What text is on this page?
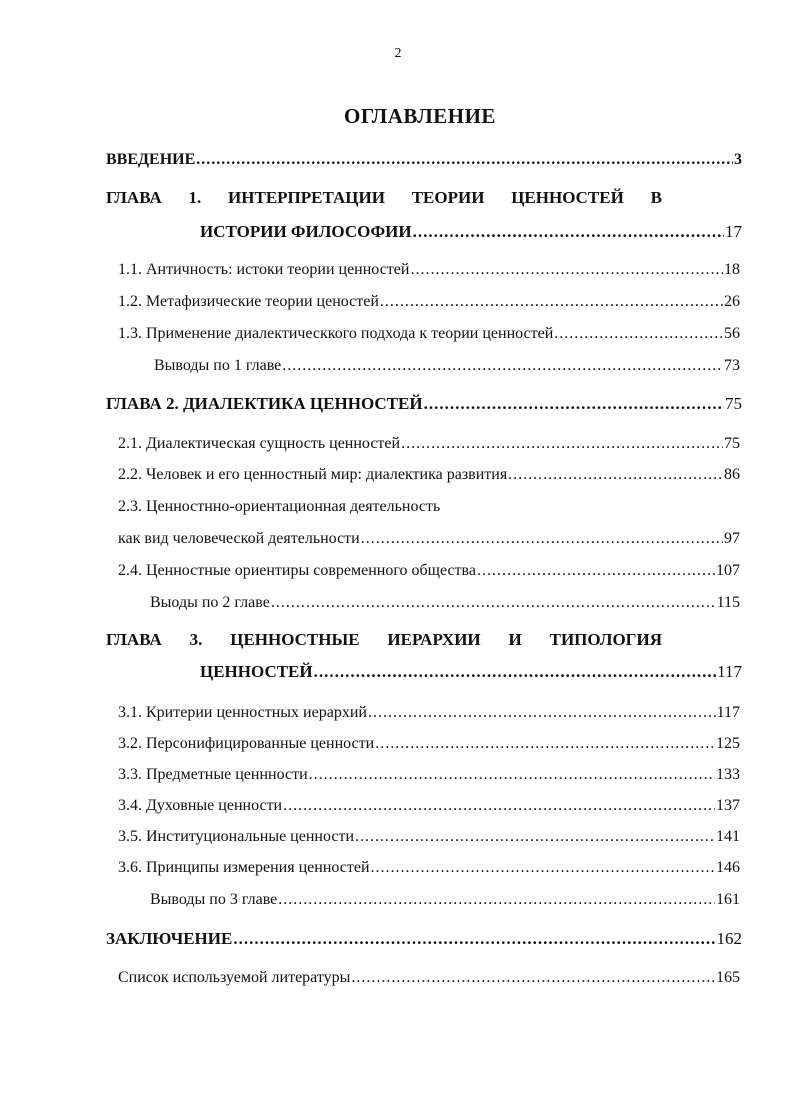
2
ОГЛАВЛЕНИЕ
ВВЕДЕНИЕ .....	3
ГЛАВА 1. ИНТЕРПРЕТАЦИИ ТЕОРИИ ЦЕННОСТЕЙ В
ИСТОРИИ ФИЛОСОФИИ .....	17
1.1. Античность: истоки теории ценностей .....	18
1.2. Метафизические теории ценостей .....	26
1.3. Применение диалектическкого подхода к теории ценностей .....	56
Выводы по 1 главе .....	73
ГЛАВА 2. ДИАЛЕКТИКА ЦЕННОСТЕЙ .....	75
2.1. Диалектическая сущность ценностей .....	75
2.2. Человек и его ценностный мир: диалектика развития .....	86
2.3. Ценностнно-ориентационная деятельность
как вид человеческой деятельности .....	97
2.4. Ценностные ориентиры современного общества .....	107
Выоды по 2 главе .....	115
ГЛАВА 3. ЦЕННОСТНЫЕ ИЕРАРХИИ И ТИПОЛОГИЯ
ЦЕННОСТЕЙ .....	117
3.1. Критерии ценностных иерархий .....	117
3.2. Персонифицированные ценности .....	125
3.3. Предметные ценнности .....	133
3.4. Духовные ценности .....	137
3.5. Институциональные ценности .....	141
3.6. Принципы измерения ценностей .....	146
Выводы по 3 главе .....	161
ЗАКЛЮЧЕНИЕ .....	162
Список используемой литературы .....	165
